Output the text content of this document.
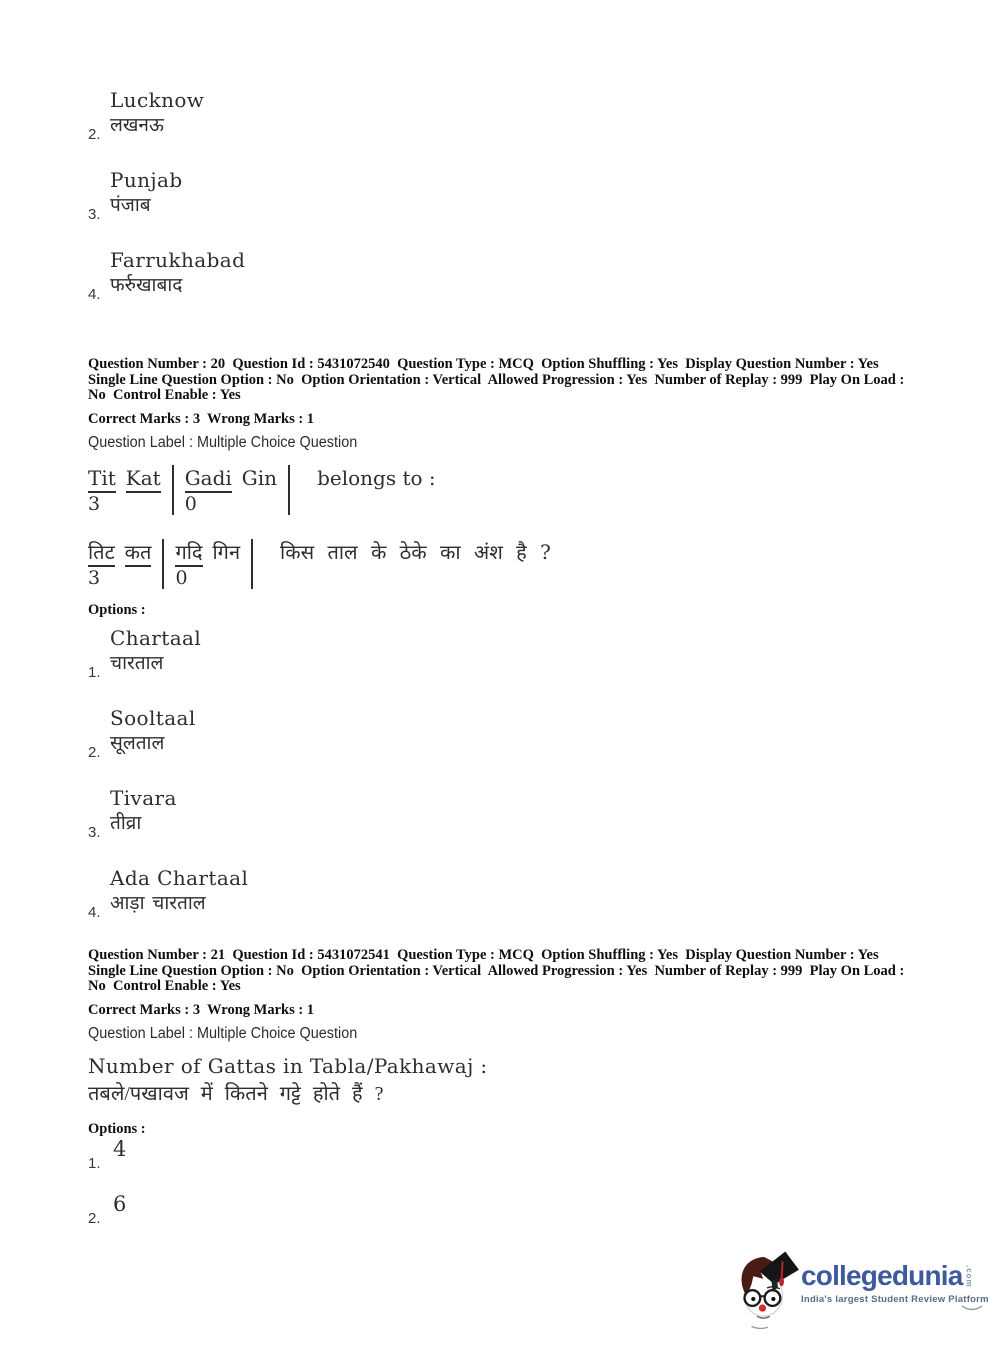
2.
Lucknow
लखनऊ
3.
Punjab
पंजाब
4.
Farrukhabad
फर्रुखाबाद
Question Number : 20  Question Id : 5431072540  Question Type : MCQ  Option Shuffling : Yes  Display Question Number : Yes
Single Line Question Option : No  Option Orientation : Vertical  Allowed Progression : Yes  Number of Replay : 999  Play On Load :
No  Control Enable : Yes
Correct Marks : 3  Wrong Marks : 1
Question Label : Multiple Choice Question
Tit Kat
3
Gadi Gin
0
belongs to :
तिट कत
3
गदि गिन
0
किस ताल के ठेके का अंश है ?
Options :
1.
Chartaal
चारताल
2.
Sooltaal
सूलताल
3.
Tivara
तीव्रा
4.
Ada Chartaal
आड़ा चारताल
Question Number : 21  Question Id : 5431072541  Question Type : MCQ  Option Shuffling : Yes  Display Question Number : Yes
Single Line Question Option : No  Option Orientation : Vertical  Allowed Progression : Yes  Number of Replay : 999  Play On Load :
No  Control Enable : Yes
Correct Marks : 3  Wrong Marks : 1
Question Label : Multiple Choice Question
Number of Gattas in Tabla/Pakhawaj :
तबले/पखावज में कितने गट्टे होते हैं ?
Options :
1.
4
2.
6
collegedunia .com
India's largest Student Review Platform
